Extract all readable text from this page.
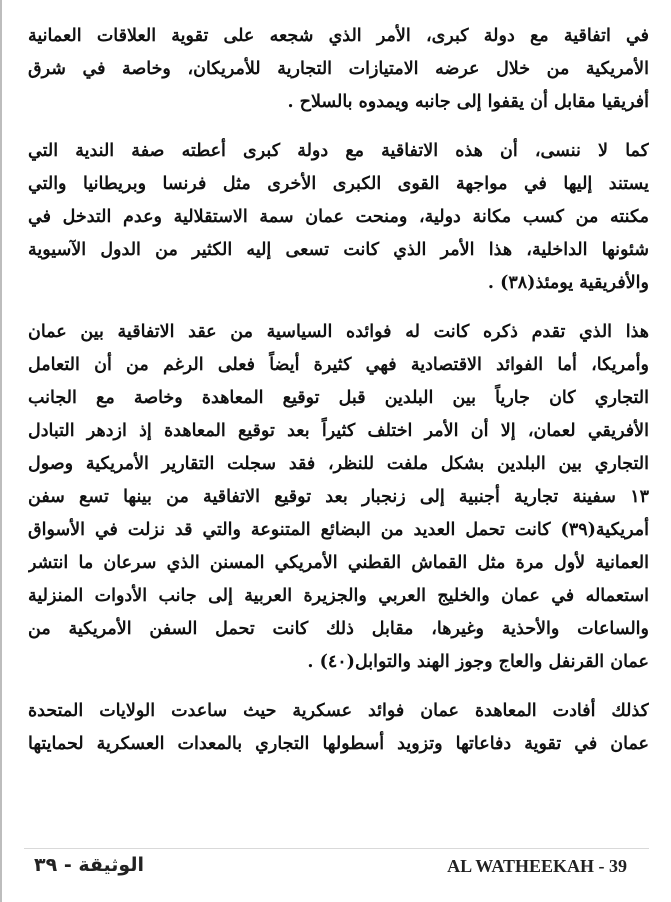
في اتفاقية مع دولة كبرى، الأمر الذي شجعه على تقوية العلاقات العمانية
الأمريكية من خلال عرضه الامتيازات التجارية للأمريكان، وخاصة في شرق
أفريقيا مقابل أن يقفوا إلى جانبه ويمدوه بالسلاح .

كما لا ننسى، أن هذه الاتفاقية مع دولة كبرى أعطته صفة الندية التي
يستند إليها في مواجهة القوى الكبرى الأخرى مثل فرنسا وبريطانيا والتي
مكنته من كسب مكانة دولية، ومنحت عمان سمة الاستقلالية وعدم التدخل في
شئونها الداخلية، هذا الأمر الذي كانت تسعى إليه الكثير من الدول الآسيوية
والأفريقية يومئذ(٣٨) .

هذا الذي تقدم ذكره كانت له فوائده السياسية من عقد الاتفاقية بين عمان
وأمريكا، أما الفوائد الاقتصادية فهي كثيرة أيضاً فعلى الرغم من أن التعامل
التجاري كان جارياً بين البلدين قبل توقيع المعاهدة وخاصة مع الجانب
الأفريقي لعمان، إلا أن الأمر اختلف كثيراً بعد توقيع المعاهدة إذ ازدهر التبادل
التجاري بين البلدين بشكل ملفت للنظر، فقد سجلت التقارير الأمريكية وصول
١٣ سفينة تجارية أجنبية إلى زنجبار بعد توقيع الاتفاقية من بينها تسع سفن
أمريكية(٣٩) كانت تحمل العديد من البضائع المتنوعة والتي قد نزلت في الأسواق
العمانية لأول مرة مثل القماش القطني الأمريكي المسنن الذي سرعان ما انتشر
استعماله في عمان والخليج العربي والجزيرة العربية إلى جانب الأدوات المنزلية
والساعات والأحذية وغيرها، مقابل ذلك كانت تحمل السفن الأمريكية من
عمان القرنفل والعاج وجوز الهند والتوابل(٤٠) .

كذلك أفادت المعاهدة عمان فوائد عسكرية حيث ساعدت الولايات المتحدة
عمان في تقوية دفاعاتها وتزويد أسطولها التجاري بالمعدات العسكرية لحمايتها

الوثيقة - ٣٩	AL WATHEEKAH - 39
